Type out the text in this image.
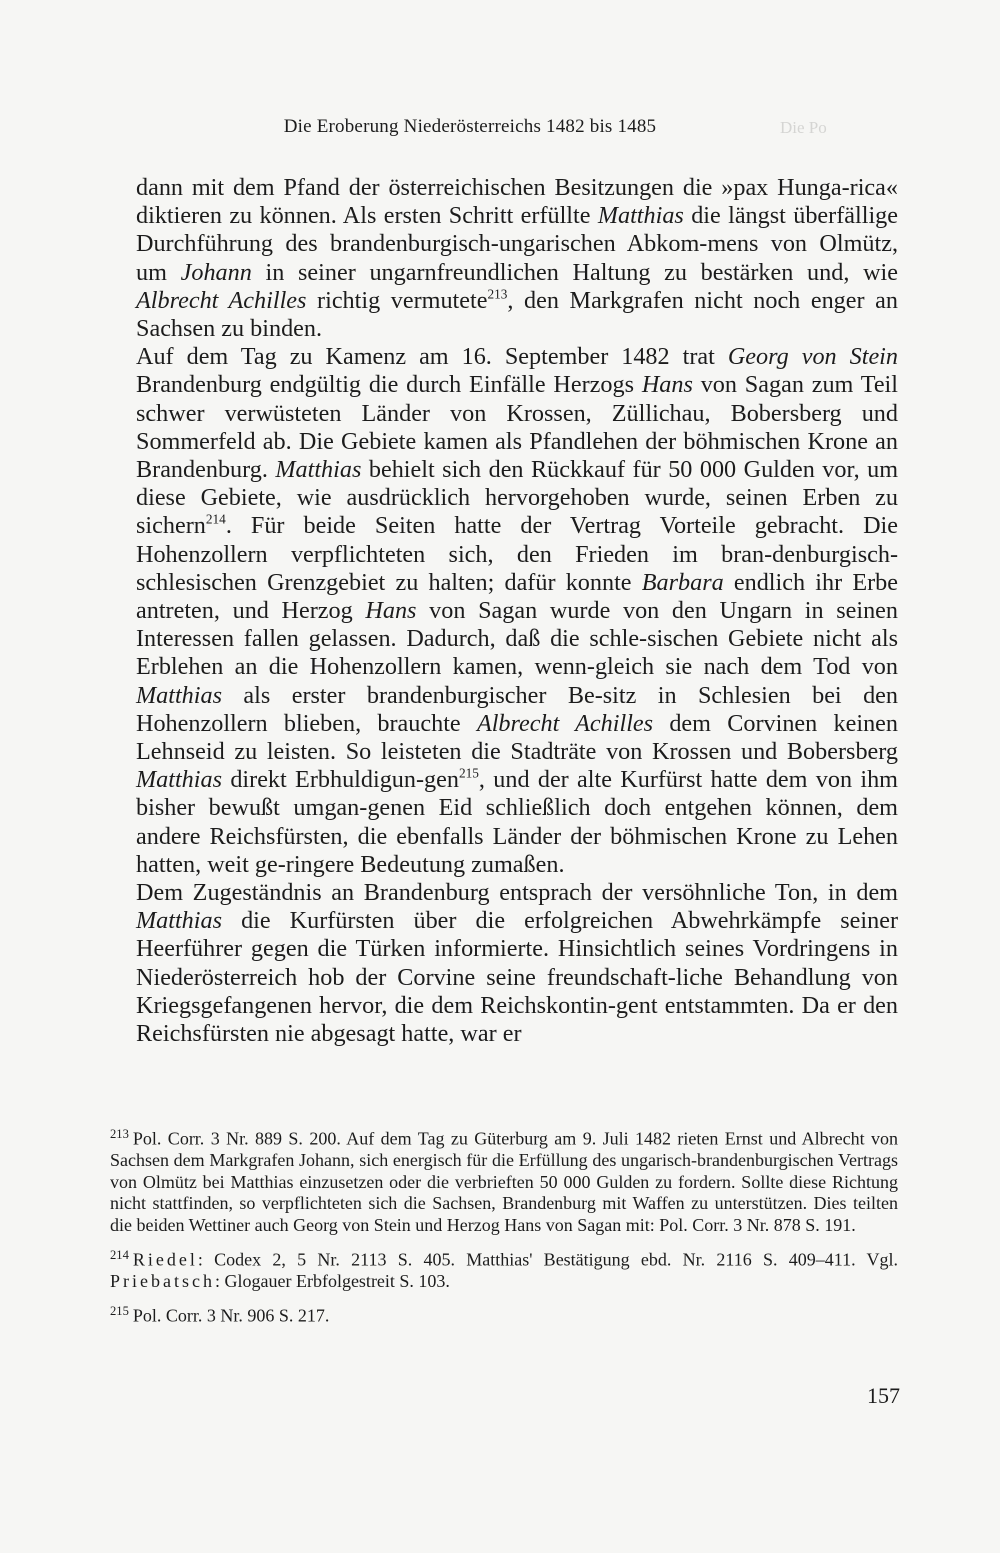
Die Po
Die Eroberung Niederösterreichs 1482 bis 1485

dann mit dem Pfand der österreichischen Besitzungen die »pax Hunga-rica« diktieren zu können. Als ersten Schritt erfüllte Matthias die längst überfällige Durchführung des brandenburgisch-ungarischen Abkom-mens von Olmütz, um Johann in seiner ungarnfreundlichen Haltung zu bestärken und, wie Albrecht Achilles richtig vermutete$^{213}$, den Markgrafen nicht noch enger an Sachsen zu binden.

Auf dem Tag zu Kamenz am 16. September 1482 trat Georg von Stein Brandenburg endgültig die durch Einfälle Herzogs Hans von Sagan zum Teil schwer verwüsteten Länder von Krossen, Züllichau, Bobersberg und Sommerfeld ab. Die Gebiete kamen als Pfandlehen der böhmischen Krone an Brandenburg. Matthias behielt sich den Rückkauf für 50 000 Gulden vor, um diese Gebiete, wie ausdrücklich hervorgehoben wurde, seinen Erben zu sichern$^{214}$. Für beide Seiten hatte der Vertrag Vorteile gebracht. Die Hohenzollern verpflichteten sich, den Frieden im bran-denburgisch-schlesischen Grenzgebiet zu halten; dafür konnte Barbara endlich ihr Erbe antreten, und Herzog Hans von Sagan wurde von den Ungarn in seinen Interessen fallen gelassen. Dadurch, daß die schle-sischen Gebiete nicht als Erblehen an die Hohenzollern kamen, wenn-gleich sie nach dem Tod von Matthias als erster brandenburgischer Be-sitz in Schlesien bei den Hohenzollern blieben, brauchte Albrecht Achilles dem Corvinen keinen Lehnseid zu leisten. So leisteten die Stadträte von Krossen und Bobersberg Matthias direkt Erbhuldigun-gen$^{215}$, und der alte Kurfürst hatte dem von ihm bisher bewußt umgan-genen Eid schließlich doch entgehen können, dem andere Reichsfürsten, die ebenfalls Länder der böhmischen Krone zu Lehen hatten, weit ge-ringere Bedeutung zumaßen.

Dem Zugeständnis an Brandenburg entsprach der versöhnliche Ton, in dem Matthias die Kurfürsten über die erfolgreichen Abwehrkämpfe seiner Heerführer gegen die Türken informierte. Hinsichtlich seines Vordringens in Niederösterreich hob der Corvine seine freundschaft-liche Behandlung von Kriegsgefangenen hervor, die dem Reichskontin-gent entstammten. Da er den Reichsfürsten nie abgesagt hatte, war er

$^{213}$ Pol. Corr. 3 Nr. 889 S. 200. Auf dem Tag zu Güterburg am 9. Juli 1482 rieten Ernst und Albrecht von Sachsen dem Markgrafen Johann, sich energisch für die Erfüllung des ungarisch-brandenburgischen Vertrags von Olmütz bei Matthias einzusetzen oder die verbrieften 50 000 Gulden zu fordern. Sollte diese Richtung nicht stattfinden, so verpflichteten sich die Sachsen, Brandenburg mit Waffen zu unterstützen. Dies teilten die beiden Wettiner auch Georg von Stein und Herzog Hans von Sagan mit: Pol. Corr. 3 Nr. 878 S. 191.

$^{214}$ Riedel: Codex 2, 5 Nr. 2113 S. 405. Matthias' Bestätigung ebd. Nr. 2116 S. 409–411. Vgl. Priebatsch: Glogauer Erbfolgestreit S. 103.

$^{215}$ Pol. Corr. 3 Nr. 906 S. 217.

157
